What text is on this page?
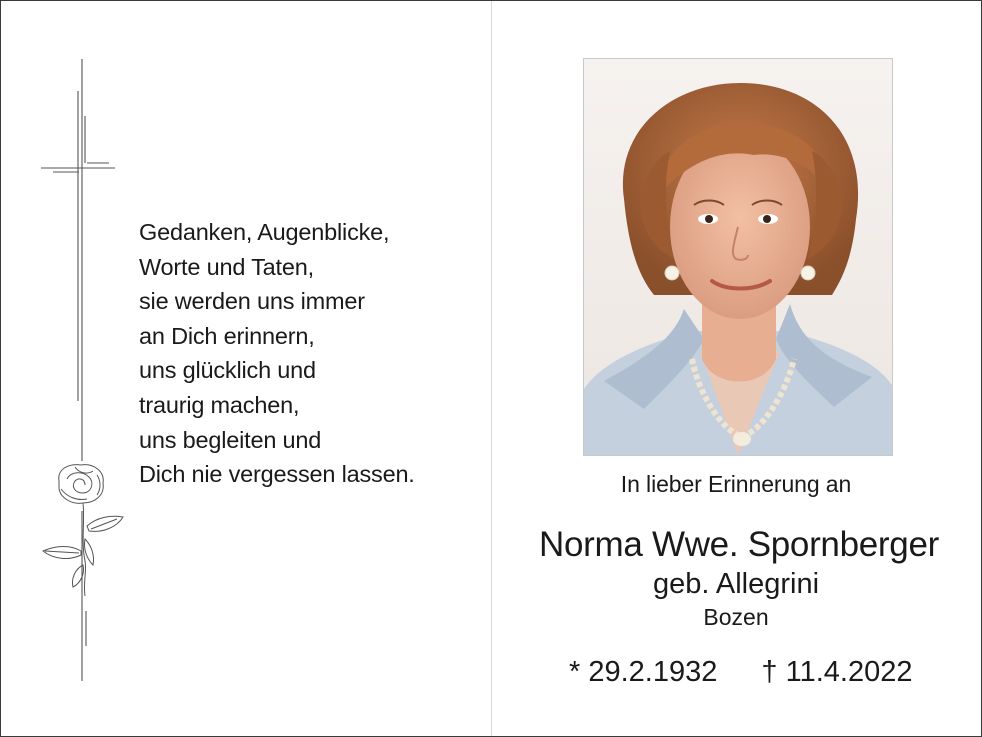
Gedanken, Augenblicke,
Worte und Taten,
sie werden uns immer
an Dich erinnern,
uns glücklich und
traurig machen,
uns begleiten und
Dich nie vergessen lassen.	In lieber Erinnerung an
Norma Wwe. Spornberger
geb. Allegrini
Bozen
* 29.2.1932 † 11.4.2022
